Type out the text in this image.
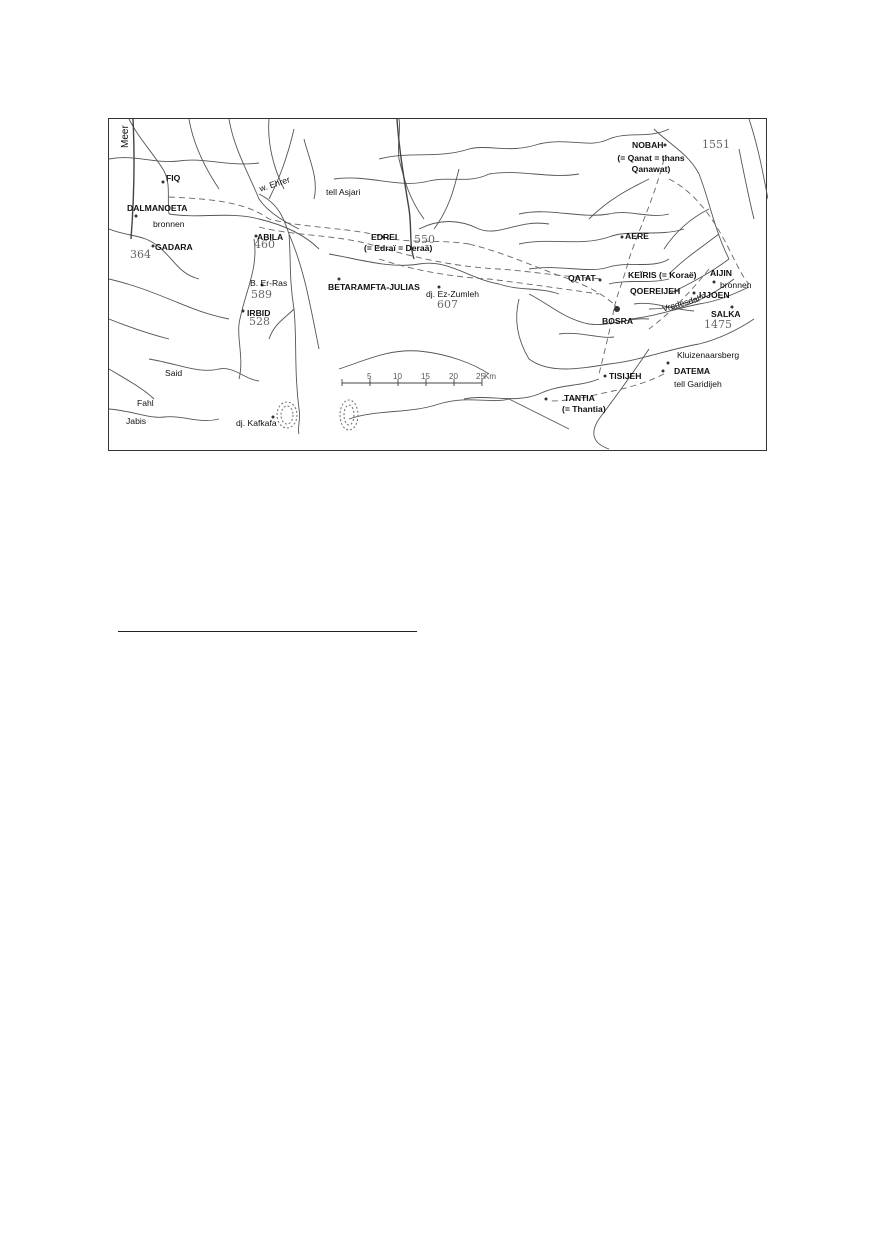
Meer	NOBAH
(= Qanat = thans
Qanawat)
1551
FIQ
DALMANOETA
bronnen
GADARA
364
w. Ehrer	tell Asjari
ABILA
460
EDREI
(= Edraï = Deraä)
550	AERE
QATAT	KEÏRIS (= Koraë) AIJIN
bronnen
QOEREIJEH IJJOEN
BETARAMFTA-JULIAS
B. Er-Ras
589	dj. Ez-Zumleh
607
IRBID
528
SALKA
1475
Vredesdal
BOSRA
Kluizenaarsberg
DATEMA
tell Garidijeh
TISIJEH
TANTIA
(= Thantia)
Said
Fahl
Jabis	dj. Kafkafa
5	10 15 20 25 Km
